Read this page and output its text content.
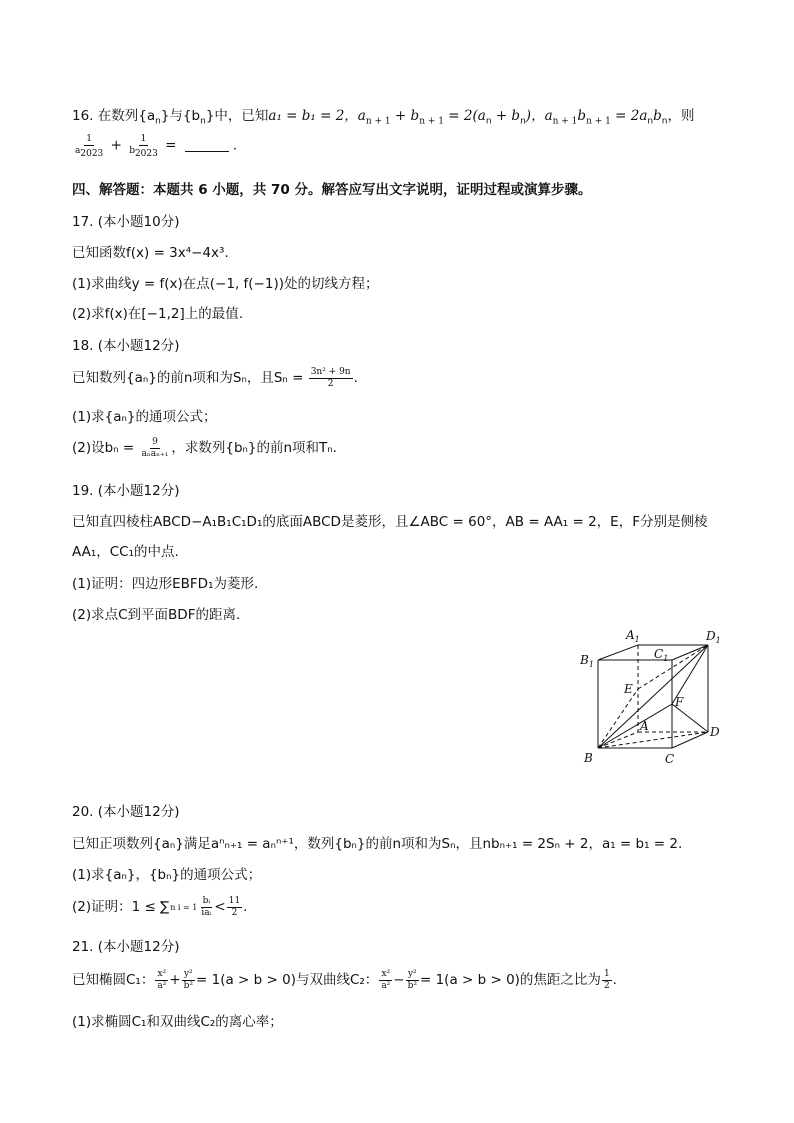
16. 在数列$\{a_n\}$与$\{b_n\}$中，已知a₁ = b₁ = 2，$a_{n + 1} + b_{n + 1} = 2(a_n + b_n)$，$a_{n + 1}b_{n + 1} = 2a_nb_n$，则
$\frac{1}{a_{2023}} + \frac{1}{b_{2023}}$ =	.
四、解答题：本题共 6 小题，共 70 分。解答应写出文字说明，证明过程或演算步骤。
17. (本小题10分)
已知函数f(x) = 3x⁴−4x³.
(1)求曲线y = f(x)在点(−1, f(−1))处的切线方程；
(2)求f(x)在[−1,2]上的最值.
18. (本小题12分)
已知数列{aₙ}的前n项和为Sₙ，且$S_n = \frac{\text{3n² + 9n}}{2}$ .
(1)求{aₙ}的通项公式；
(2)设$b_n = \frac{9}{\text{aₙaₙ₊₁}}$ ，求数列{bₙ}的前n项和Tₙ.
19. (本小题12分)
已知直四棱柱ABCD−A₁B₁C₁D₁的底面ABCD是菱形，且∠ABC = 60°，AB = AA₁ = 2，E，F分别是侧棱
AA₁，CC₁的中点.
(1)证明：四边形EBFD₁为菱形.
(2)求点C到平面BDF的距离.
$A_1$	$D_1$
$B_1$
$C_1$
E
F
A	D
B	C
20. (本小题12分)
已知正项数列{aₙ}满足aⁿₙ₊₁ = aₙⁿ⁺¹，数列{bₙ}的前n项和为Sₙ，且nbₙ₊₁ = 2Sₙ + 2，a₁ = b₁ = 2.
(1)求{aₙ}，{bₙ}的通项公式；
(2)证明：1 ≤ ∑ n $i = 1 \frac{\text{bᵢ}}{\text{iaᵢ}} < \frac{11}{2}$ .
21. (本小题12分)
已知椭圆C₁： $\frac{\text{x²}}{\text{a²}} + \frac{\text{y²}}{\text{b²}} = 1(a > b > 0)$与双曲线C₂： $\frac{\text{x²}}{\text{a²}} - \frac{\text{y²}}{\text{b²}} = 1(a > b > 0)$的焦距之比为 $\frac{1}{2}$ .
(1)求椭圆C₁和双曲线C₂的离心率；
